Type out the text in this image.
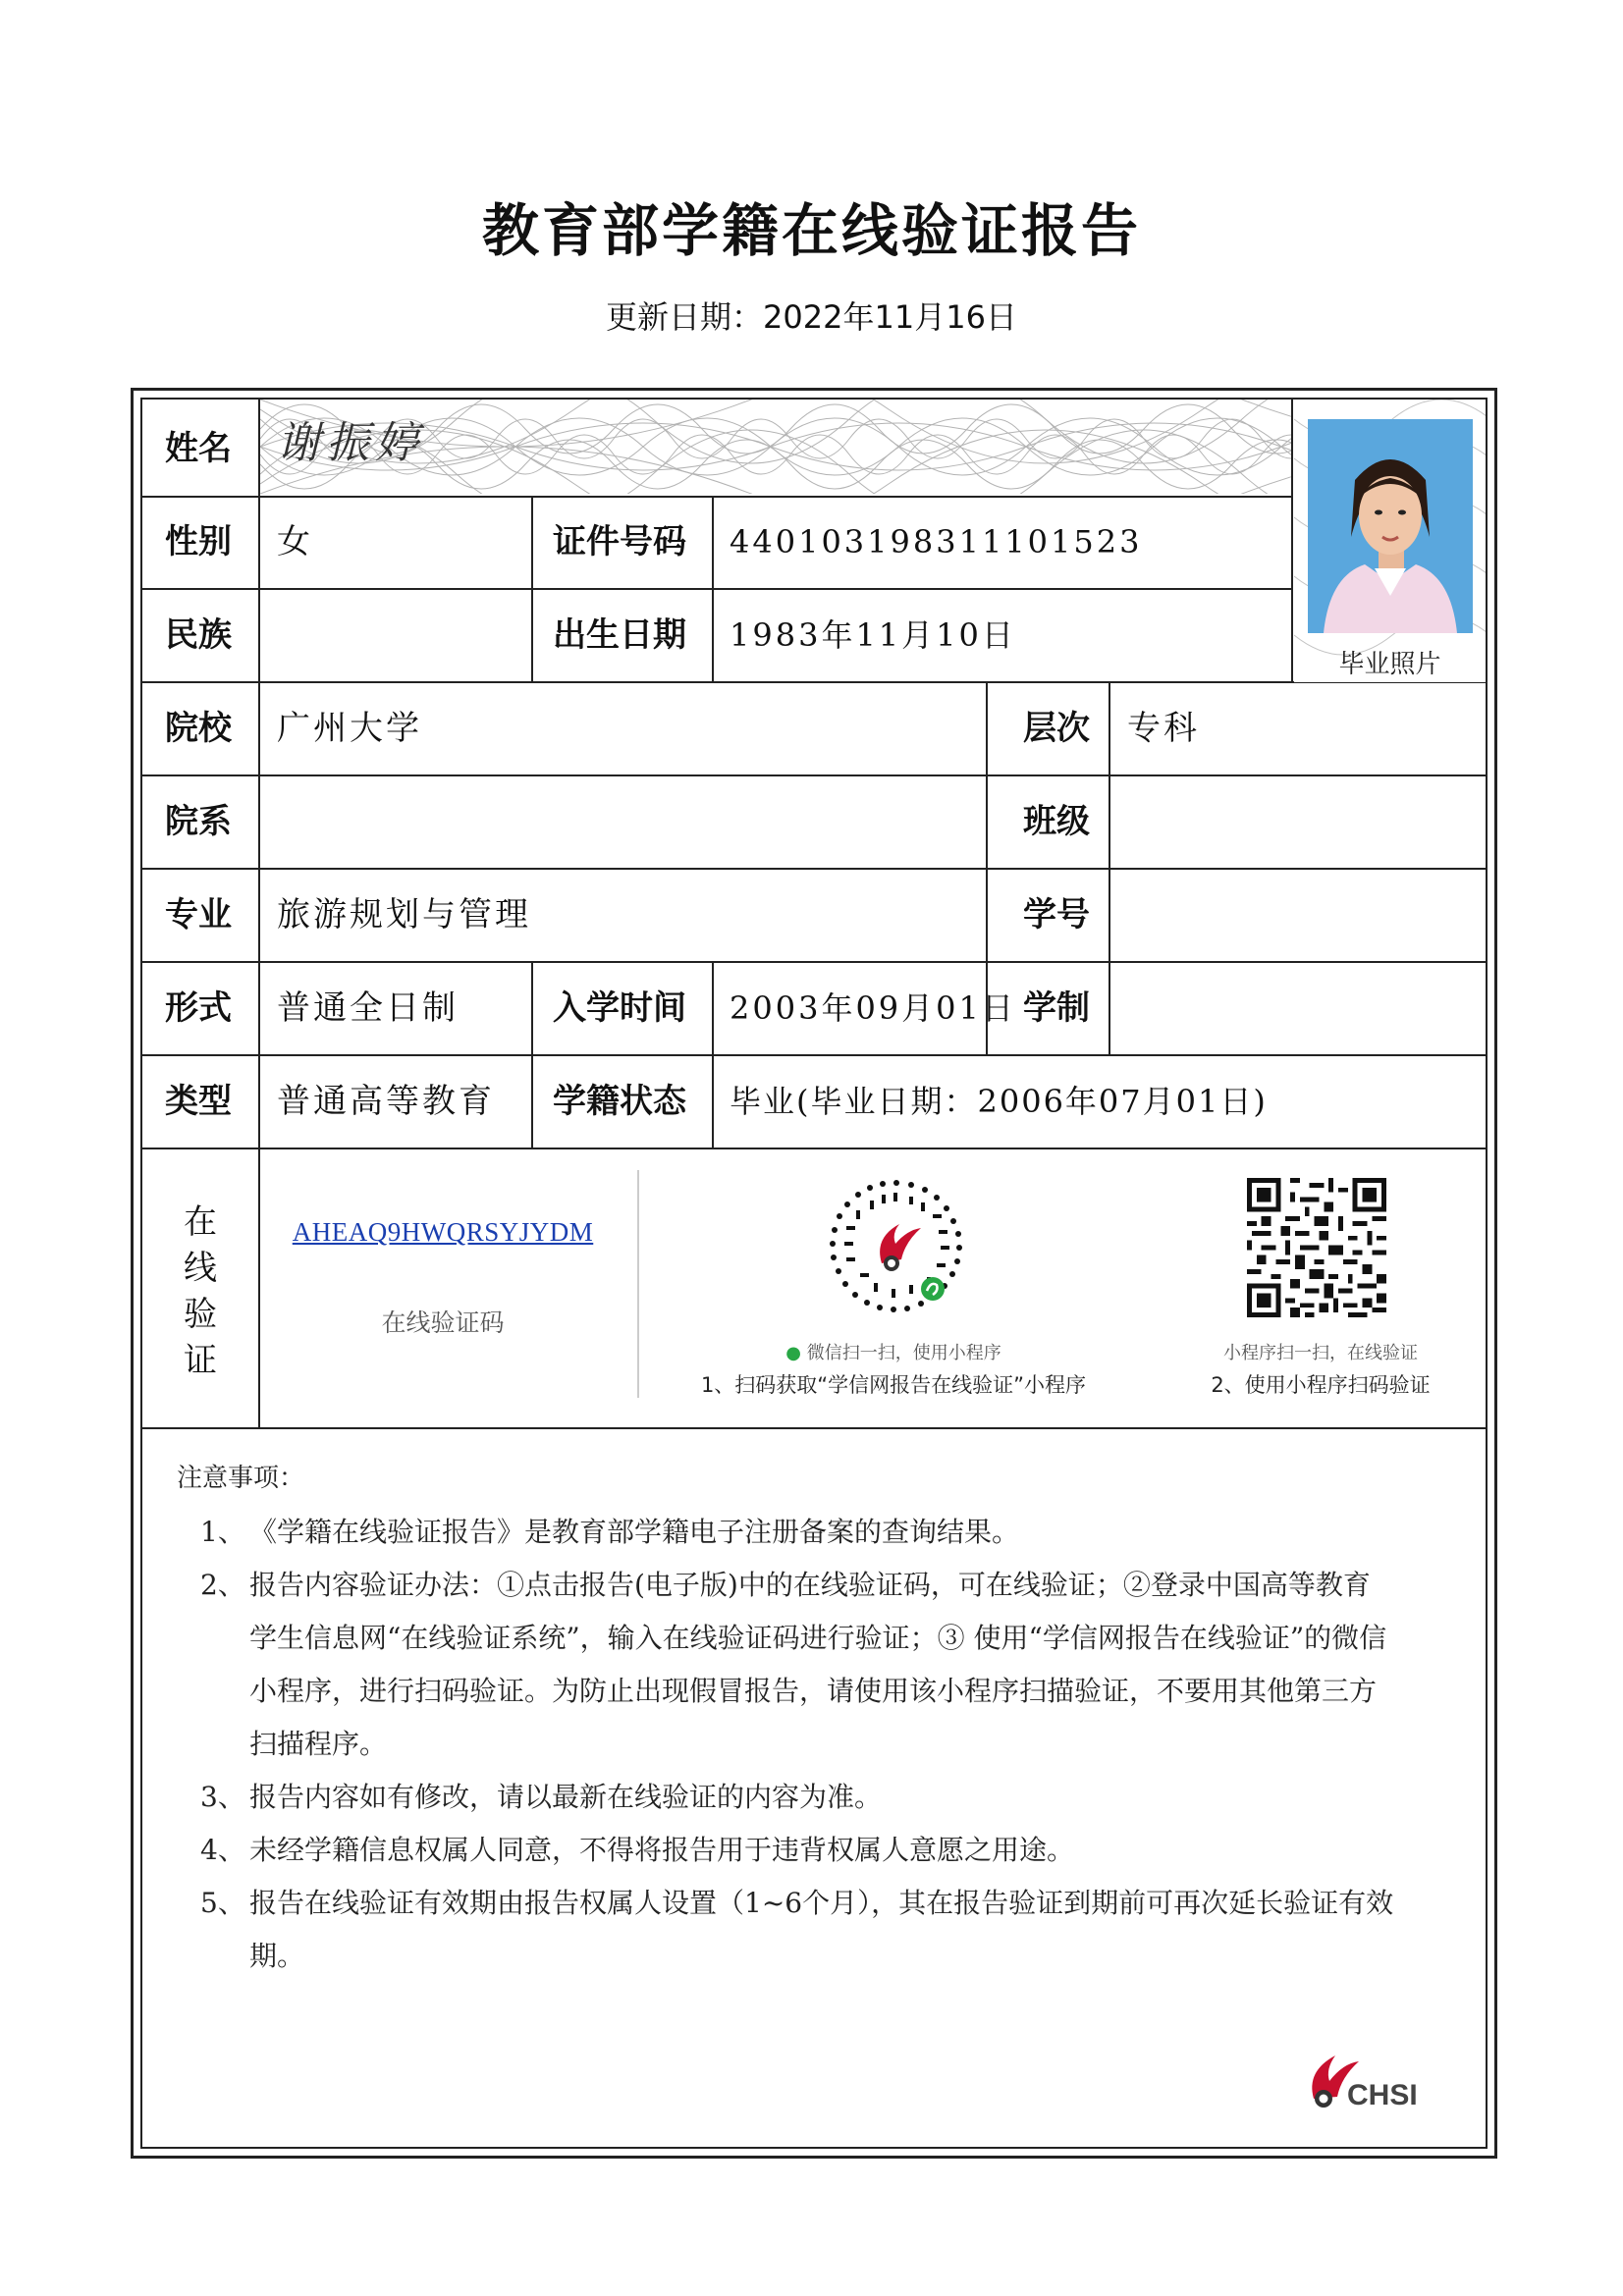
教育部学籍在线验证报告
更新日期：2022年11月16日
姓名 谢振婷
毕业照片
性别 女	证件号码 440103198311101523
民族	出生日期 1983年11月10日
院校 广州大学	层次 专科
院系	班级
专业 旅游规划与管理	学号
形式 普通全日制	入学时间 2003年09月01日 学制
类型 普通高等教育 学籍状态 毕业(毕业日期：2006年07月01日)
在
线
验
证
AHEAQ9HWQRSYJYDM
在线验证码
● 微信扫一扫，使用小程序
1、扫码获取“学信网报告在线验证”小程序
小程序扫一扫，在线验证
2、使用小程序扫码验证
注意事项：
1、 《学籍在线验证报告》是教育部学籍电子注册备案的查询结果。
2、 报告内容验证办法：①点击报告(电子版)中的在线验证码，可在线验证；②登录中国高等教育学生信息网“在线验证系统”，输入在线验证码进行验证；③ 使用“学信网报告在线验证”的微信小程序，进行扫码验证。为防止出现假冒报告，请使用该小程序扫描验证，不要用其他第三方扫描程序。
3、 报告内容如有修改，请以最新在线验证的内容为准。
4、 未经学籍信息权属人同意，不得将报告用于违背权属人意愿之用途。
5、 报告在线验证有效期由报告权属人设置（1~6个月），其在报告验证到期前可再次延长验证有效期。
CHSI
